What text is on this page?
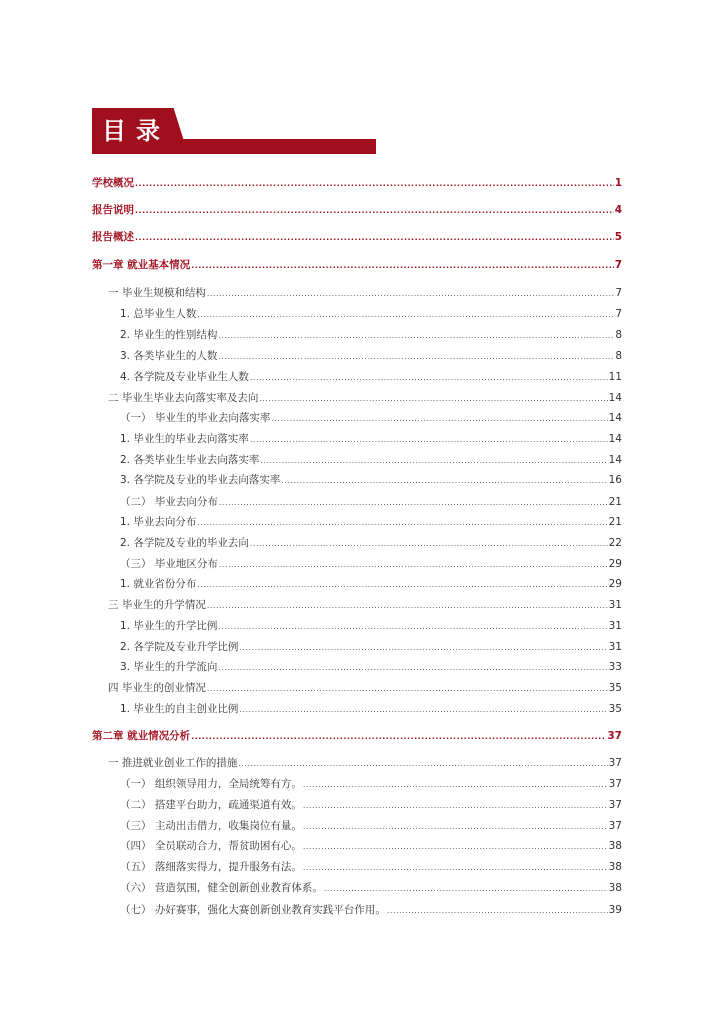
目录
学校概况 .....	1
报告说明 .....	4
报告概述 .....	5
第一章 就业基本情况 .....	7
一 毕业生规模和结构 .....	7
1. 总毕业生人数 .....	7
2. 毕业生的性别结构 .....	8
3. 各类毕业生的人数 .....	8
4. 各学院及专业毕业生人数 .....	11
二 毕业生毕业去向落实率及去向 .....	14
（一） 毕业生的毕业去向落实率 .....	14
1. 毕业生的毕业去向落实率 .....	14
2. 各类毕业生毕业去向落实率 .....	14
3. 各学院及专业的毕业去向落实率 .....	16
（二） 毕业去向分布 .....	21
1. 毕业去向分布 .....	21
2. 各学院及专业的毕业去向 .....	22
（三） 毕业地区分布 .....	29
1. 就业省份分布 .....	29
三 毕业生的升学情况 .....	31
1. 毕业生的升学比例 .....	31
2. 各学院及专业升学比例 .....	31
3. 毕业生的升学流向 .....	33
四 毕业生的创业情况 .....	35
1. 毕业生的自主创业比例 .....	35
第二章 就业情况分析 .....	37
一 推进就业创业工作的措施 .....	37
（一） 组织领导用力，全局统筹有方。 .....	37
（二） 搭建平台助力，疏通渠道有效。 .....	37
（三） 主动出击借力，收集岗位有量。 .....	37
（四） 全员联动合力，帮贫助困有心。 .....	38
（五） 落细落实得力，提升服务有法。 .....	38
（六） 营造氛围，健全创新创业教育体系。 .....	38
（七） 办好赛事，强化大赛创新创业教育实践平台作用。 .....	39
